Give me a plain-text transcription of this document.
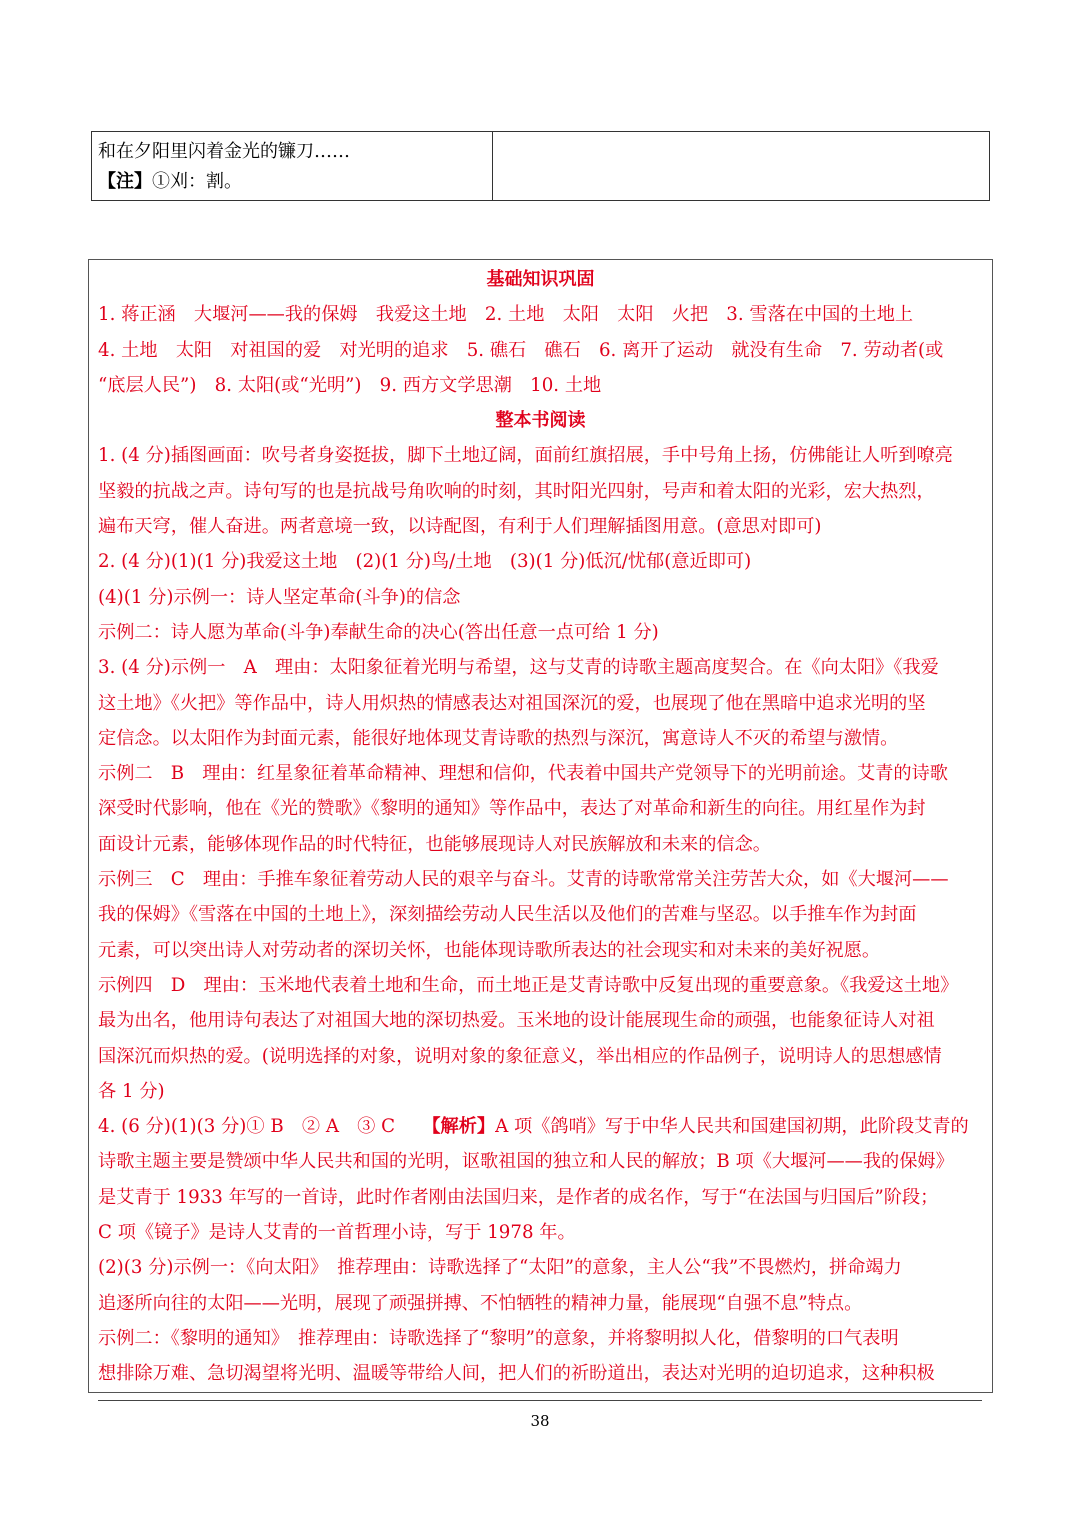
和在夕阳里闪着金光的镰刀……
【注】①刈：割。
基础知识巩固
1. 蒋正涵　大堰河——我的保姆　我爱这土地　2. 土地　太阳　太阳　火把　3. 雪落在中国的土地上
4. 土地　太阳　对祖国的爱　对光明的追求　5. 礁石　礁石　6. 离开了运动　就没有生命　7. 劳动者(或
“底层人民”)　8. 太阳(或“光明”)　9. 西方文学思潮　10. 土地
整本书阅读
1. (4 分)插图画面：吹号者身姿挺拔，脚下土地辽阔，面前红旗招展，手中号角上扬，仿佛能让人听到嘹亮
坚毅的抗战之声。诗句写的也是抗战号角吹响的时刻，其时阳光四射，号声和着太阳的光彩，宏大热烈，
遍布天穹，催人奋进。两者意境一致，以诗配图，有利于人们理解插图用意。(意思对即可)
2. (4 分)(1)(1 分)我爱这土地　(2)(1 分)鸟/土地　(3)(1 分)低沉/忧郁(意近即可)
(4)(1 分)示例一：诗人坚定革命(斗争)的信念
示例二：诗人愿为革命(斗争)奉献生命的决心(答出任意一点可给 1 分)
3. (4 分)示例一　A　理由：太阳象征着光明与希望，这与艾青的诗歌主题高度契合。在《向太阳》《我爱
这土地》《火把》等作品中，诗人用炽热的情感表达对祖国深沉的爱，也展现了他在黑暗中追求光明的坚
定信念。以太阳作为封面元素，能很好地体现艾青诗歌的热烈与深沉，寓意诗人不灭的希望与激情。
示例二　B　理由：红星象征着革命精神、理想和信仰，代表着中国共产党领导下的光明前途。艾青的诗歌
深受时代影响，他在《光的赞歌》《黎明的通知》等作品中，表达了对革命和新生的向往。用红星作为封
面设计元素，能够体现作品的时代特征，也能够展现诗人对民族解放和未来的信念。
示例三　C　理由：手推车象征着劳动人民的艰辛与奋斗。艾青的诗歌常常关注劳苦大众，如《大堰河——
我的保姆》《雪落在中国的土地上》，深刻描绘劳动人民生活以及他们的苦难与坚忍。以手推车作为封面
元素，可以突出诗人对劳动者的深切关怀，也能体现诗歌所表达的社会现实和对未来的美好祝愿。
示例四　D　理由：玉米地代表着土地和生命，而土地正是艾青诗歌中反复出现的重要意象。《我爱这土地》
最为出名，他用诗句表达了对祖国大地的深切热爱。玉米地的设计能展现生命的顽强，也能象征诗人对祖
国深沉而炽热的爱。(说明选择的对象，说明对象的象征意义，举出相应的作品例子，说明诗人的思想感情
各 1 分)
4. (6 分)(1)(3 分)① B　② A　③ C　　【解析】A 项《鸽哨》写于中华人民共和国建国初期，此阶段艾青的
诗歌主题主要是赞颂中华人民共和国的光明，讴歌祖国的独立和人民的解放；B 项《大堰河——我的保姆》
是艾青于 1933 年写的一首诗，此时作者刚由法国归来，是作者的成名作，写于“在法国与归国后”阶段；
C 项《镜子》是诗人艾青的一首哲理小诗，写于 1978 年。
(2)(3 分)示例一：《向太阳》　推荐理由：诗歌选择了“太阳”的意象，主人公“我”不畏燃灼，拼命竭力
追逐所向往的太阳——光明，展现了顽强拼搏、不怕牺牲的精神力量，能展现“自强不息”特点。
示例二：《黎明的通知》　推荐理由：诗歌选择了“黎明”的意象，并将黎明拟人化，借黎明的口气表明
想排除万难、急切渴望将光明、温暖等带给人间，把人们的祈盼道出，表达对光明的迫切追求，这种积极
38
